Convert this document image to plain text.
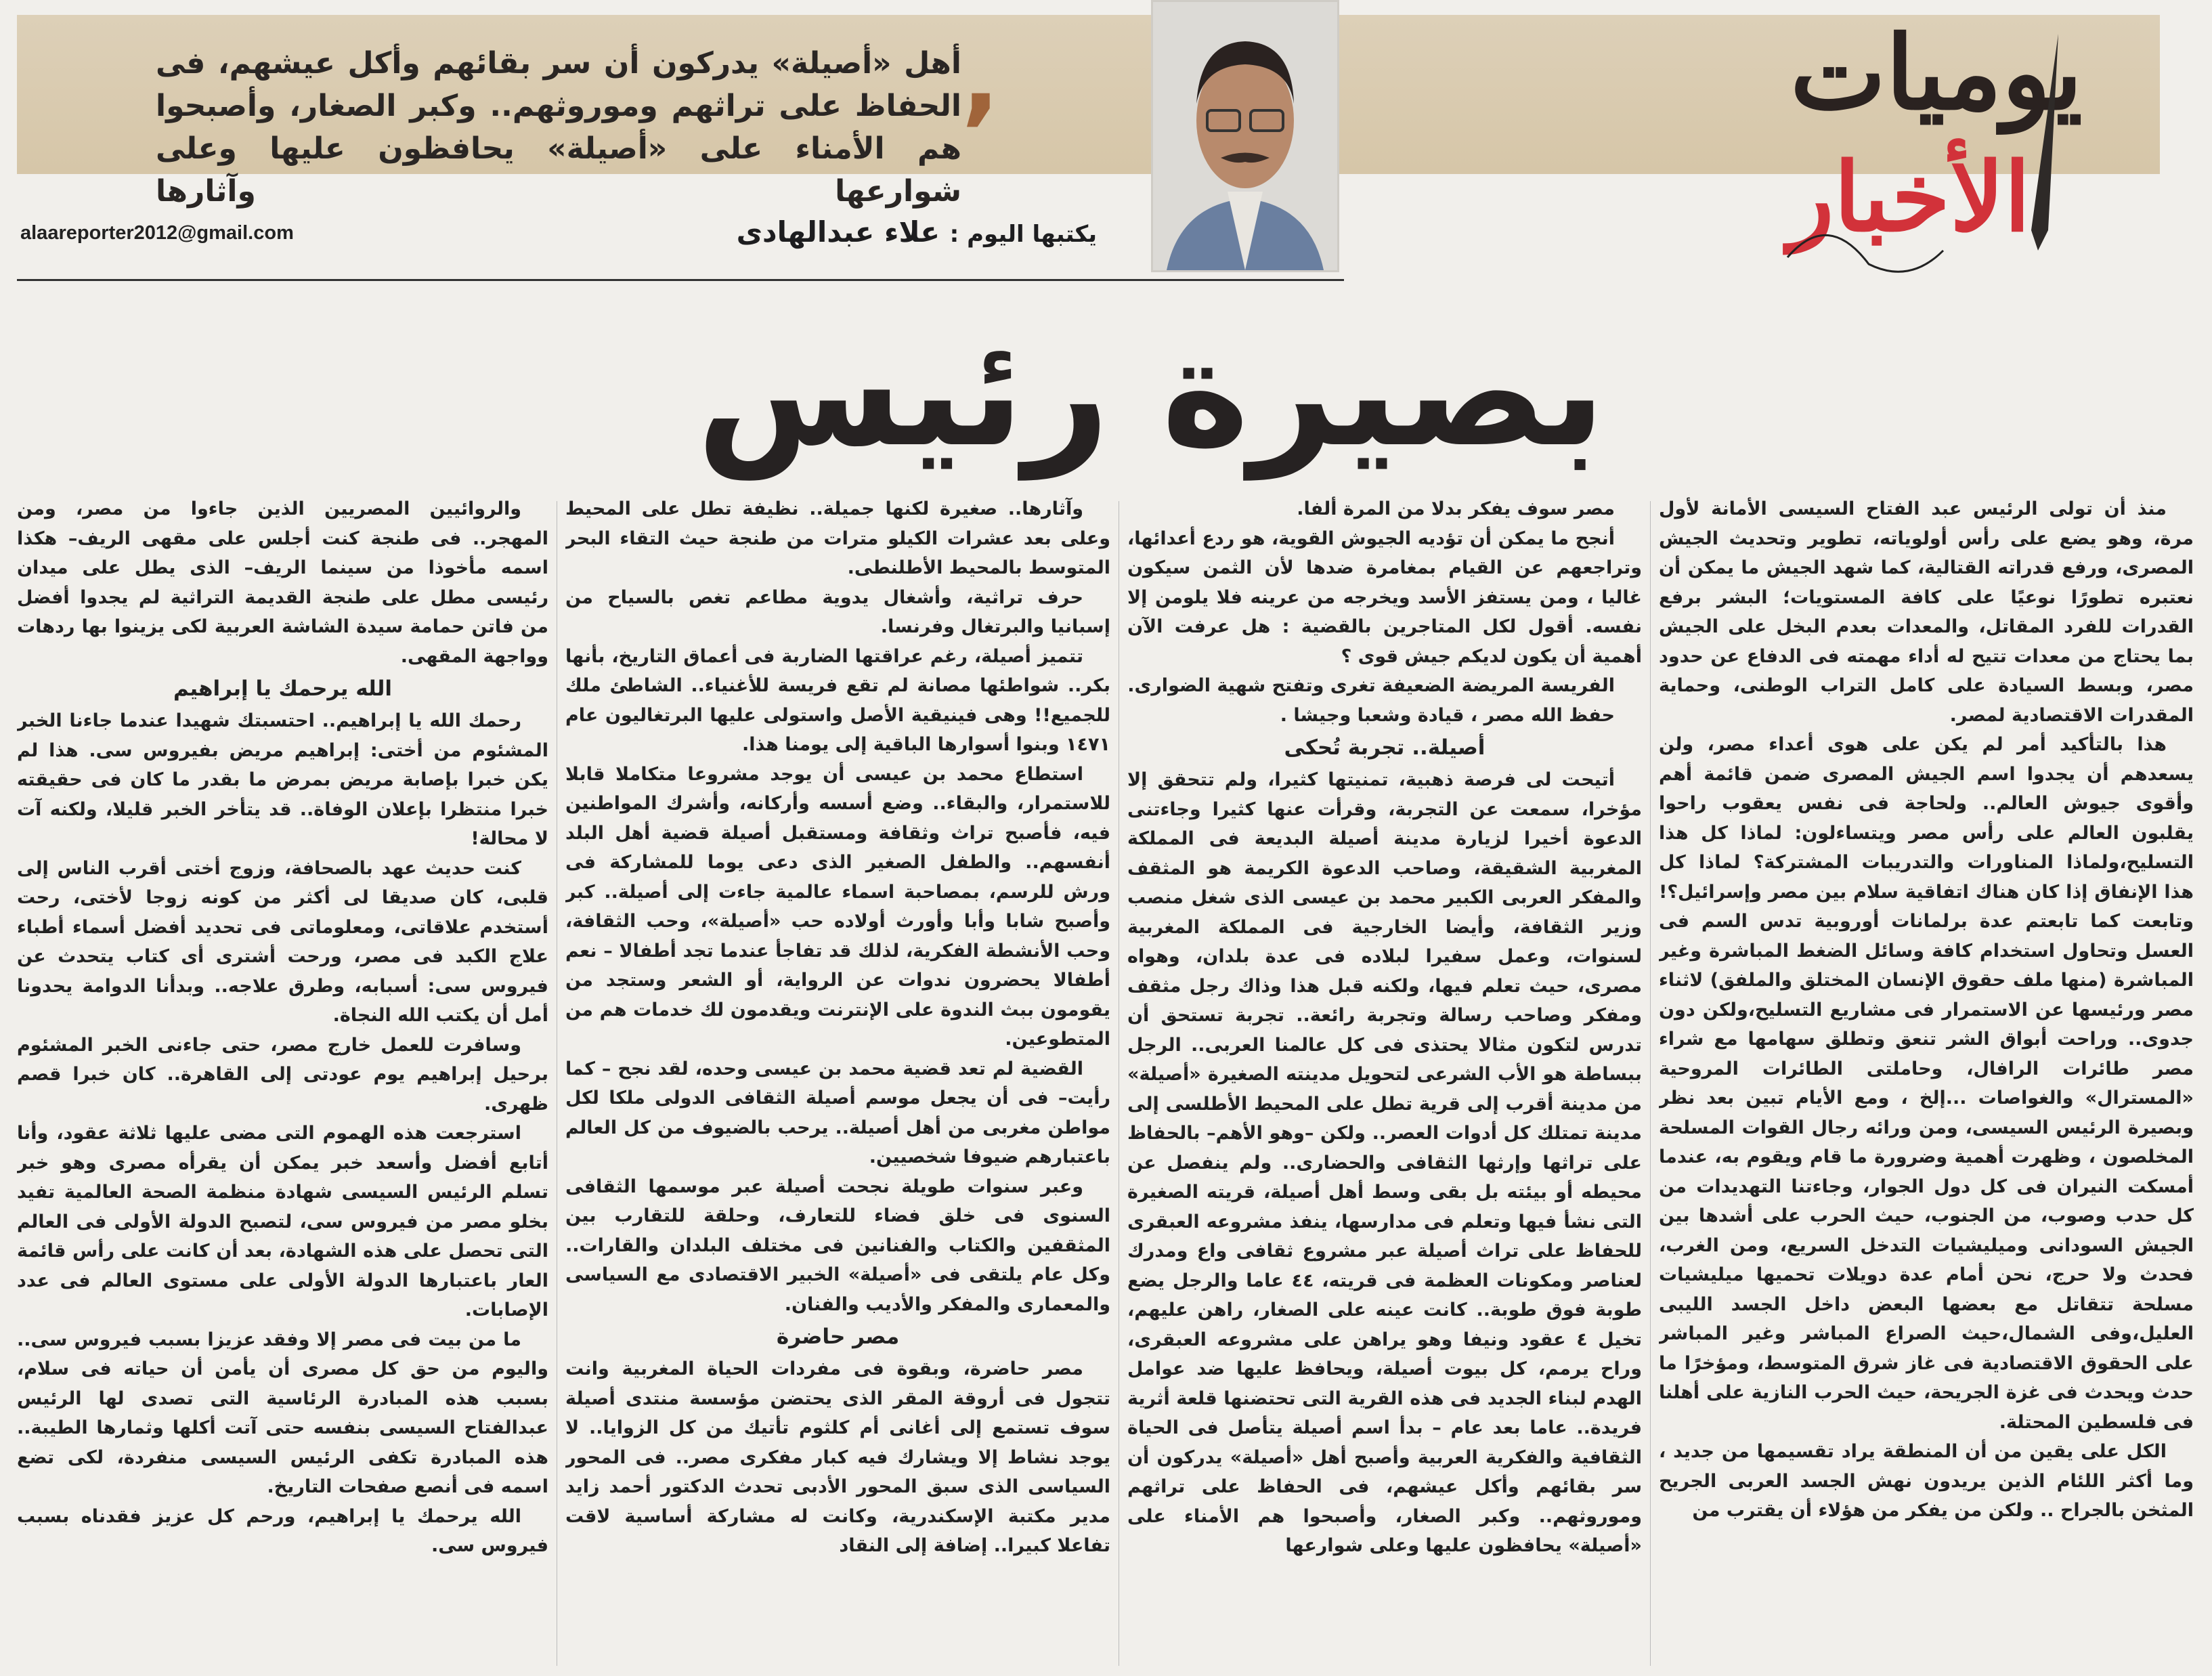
,
أهل «أصيلة» يدركون أن سر بقائهم وأكل عيشهم، فى الحفاظ على تراثهم وموروثهم.. وكبر الصغار، وأصبحوا هم الأمناء على «أصيلة» يحافظون عليها وعلى شوارعها وآثارها
يوميات
الأخبار
alaareporter2012@gmail.com	يكتبها اليوم : علاء عبدالهادى
بصيرة رئيس

منذ أن تولى الرئيس عبد الفتاح السيسى الأمانة لأول مرة، وهو يضع على رأس أولوياته، تطوير وتحديث الجيش المصرى، ورفع قدراته القتالية، كما شهد الجيش ما يمكن أن نعتبره تطورًا نوعيًا على كافة المستويات؛ البشر برفع القدرات للفرد المقاتل، والمعدات بعدم البخل على الجيش بما يحتاج من معدات تتيح له أداء مهمته فى الدفاع عن حدود مصر، وبسط السيادة على كامل التراب الوطنى، وحماية المقدرات الاقتصادية لمصر.

هذا بالتأكيد أمر لم يكن على هوى أعداء مصر، ولن يسعدهم أن يجدوا اسم الجيش المصرى ضمن قائمة أهم وأقوى جيوش العالم.. ولحاجة فى نفس يعقوب راحوا يقلبون العالم على رأس مصر ويتساءلون: لماذا كل هذا التسليح،ولماذا المناورات والتدريبات المشتركة؟ لماذا كل هذا الإنفاق إذا كان هناك اتفاقية سلام بين مصر وإسرائيل؟! وتابعت كما تابعتم عدة برلمانات أوروبية تدس السم فى العسل وتحاول استخدام كافة وسائل الضغط المباشرة وغير المباشرة (منها ملف حقوق الإنسان المختلق والملفق) لاثناء مصر ورئيسها عن الاستمرار فى مشاريع التسليح،ولكن دون جدوى.. وراحت أبواق الشر تنعق وتطلق سهامها مع شراء مصر طائرات الرافال، وحاملتى الطائرات المروحية «المسترال» والغواصات ...إلخ ، ومع الأيام تبين بعد نظر وبصيرة الرئيس السيسى، ومن ورائه رجال القوات المسلحة المخلصون ، وظهرت أهمية وضرورة ما قام ويقوم به، عندما أمسكت النيران فى كل دول الجوار، وجاءتنا التهديدات من كل حدب وصوب، من الجنوب، حيث الحرب على أشدها بين الجيش السودانى وميليشيات التدخل السريع، ومن الغرب، فحدث ولا حرج، نحن أمام عدة دويلات تحميها ميليشيات مسلحة تتقاتل مع بعضها البعض داخل الجسد الليبى العليل،وفى الشمال،حيث الصراع المباشر وغير المباشر على الحقوق الاقتصادية فى غاز شرق المتوسط، ومؤخرًا ما حدث ويحدث فى غزة الجريحة، حيث الحرب النازية على أهلنا فى فلسطين المحتلة.

الكل على يقين من أن المنطقة يراد تقسيمها من جديد ، وما أكثر اللئام الذين يريدون نهش الجسد العربى الجريح المثخن بالجراح .. ولكن من يفكر من هؤلاء أن يقترب من

مصر سوف يفكر بدلا من المرة ألفا.

أنجح ما يمكن أن تؤديه الجيوش القوية، هو ردع أعدائها، وتراجعهم عن القيام بمغامرة ضدها لأن الثمن سيكون غاليا ، ومن يستفز الأسد ويخرجه من عرينه فلا يلومن إلا نفسه. أقول لكل المتاجرين بالقضية : هل عرفت الآن أهمية أن يكون لديكم جيش قوى ؟

الفريسة المريضة الضعيفة تغرى وتفتح شهية الضوارى.

حفظ الله مصر ، قيادة وشعبا وجيشا .

أصيلة.. تجربة تُحكى

أتيحت لى فرصة ذهبية، تمنيتها كثيرا، ولم تتحقق إلا مؤخرا، سمعت عن التجربة، وقرأت عنها كثيرا وجاءتنى الدعوة أخيرا لزيارة مدينة أصيلة البديعة فى المملكة المغربية الشقيقة، وصاحب الدعوة الكريمة هو المثقف والمفكر العربى الكبير محمد بن عيسى الذى شغل منصب وزير الثقافة، وأيضا الخارجية فى المملكة المغربية لسنوات، وعمل سفيرا لبلاده فى عدة بلدان، وهواه مصرى، حيث تعلم فيها، ولكنه قبل هذا وذاك رجل مثقف ومفكر وصاحب رسالة وتجربة رائعة.. تجربة تستحق أن تدرس لتكون مثالا يحتذى فى كل عالمنا العربى.. الرجل ببساطة هو الأب الشرعى لتحويل مدينته الصغيرة «أصيلة» من مدينة أقرب إلى قرية تطل على المحيط الأطلسى إلى مدينة تمتلك كل أدوات العصر.. ولكن –وهو الأهم– بالحفاظ على تراثها وإرثها الثقافى والحضارى.. ولم ينفصل عن محيطه أو بيئته بل بقى وسط أهل أصيلة، قريته الصغيرة التى نشأ فيها وتعلم فى مدارسها، ينفذ مشروعه العبقرى للحفاظ على تراث أصيلة عبر مشروع ثقافى واع ومدرك لعناصر ومكونات العظمة فى قريته، ٤٤ عاما والرجل يضع طوبة فوق طوبة.. كانت عينه على الصغار، راهن عليهم، تخيل ٤ عقود ونيفا وهو يراهن على مشروعه العبقرى، وراح يرمم، كل بيوت أصيلة، ويحافظ عليها ضد عوامل الهدم لبناء الجديد فى هذه القرية التى تحتضنها قلعة أثرية فريدة.. عاما بعد عام – بدأ اسم أصيلة يتأصل فى الحياة الثقافية والفكرية العربية وأصبح أهل «أصيلة» يدركون أن سر بقائهم وأكل عيشهم، فى الحفاظ على تراثهم وموروثهم.. وكبر الصغار، وأصبحوا هم الأمناء على «أصيلة» يحافظون عليها وعلى شوارعها

وآثارها.. صغيرة لكنها جميلة.. نظيفة تطل على المحيط وعلى بعد عشرات الكيلو مترات من طنجة حيث التقاء البحر المتوسط بالمحيط الأطلنطى.

حرف تراثية، وأشغال يدوية مطاعم تغص بالسياح من إسبانيا والبرتغال وفرنسا.

تتميز أصيلة، رغم عراقتها الضاربة فى أعماق التاريخ، بأنها بكر.. شواطئها مصانة لم تقع فريسة للأغنياء.. الشاطئ ملك للجميع!! وهى فينيقية الأصل واستولى عليها البرتغاليون عام ١٤٧١ وبنوا أسوارها الباقية إلى يومنا هذا.

استطاع محمد بن عيسى أن يوجد مشروعا متكاملا قابلا للاستمرار، والبقاء.. وضع أسسه وأركانه، وأشرك المواطنين فيه، فأصبح تراث وثقافة ومستقبل أصيلة قضية أهل البلد أنفسهم.. والطفل الصغير الذى دعى يوما للمشاركة فى ورش للرسم، بمصاحبة اسماء عالمية جاءت إلى أصيلة.. كبر وأصبح شابا وأبا وأورث أولاده حب «أصيلة»، وحب الثقافة، وحب الأنشطة الفكرية، لذلك قد تفاجأ عندما تجد أطفالا – نعم أطفالا يحضرون ندوات عن الرواية، أو الشعر وستجد من يقومون ببث الندوة على الإنترنت ويقدمون لك خدمات هم من المتطوعين.

القضية لم تعد قضية محمد بن عيسى وحده، لقد نجح – كما رأيت– فى أن يجعل موسم أصيلة الثقافى الدولى ملكا لكل مواطن مغربى من أهل أصيلة.. يرحب بالضيوف من كل العالم باعتبارهم ضيوفا شخصيين.

وعبر سنوات طويلة نجحت أصيلة عبر موسمها الثقافى السنوى فى خلق فضاء للتعارف، وحلقة للتقارب بين المثقفين والكتاب والفنانين فى مختلف البلدان والقارات.. وكل عام يلتقى فى «أصيلة» الخبير الاقتصادى مع السياسى والمعمارى والمفكر والأديب والفنان.

مصر حاضرة

مصر حاضرة، وبقوة فى مفردات الحياة المغربية وانت تتجول فى أروقة المقر الذى يحتضن مؤسسة منتدى أصيلة سوف تستمع إلى أغانى أم كلثوم تأتيك من كل الزوايا.. لا يوجد نشاط إلا ويشارك فيه كبار مفكرى مصر.. فى المحور السياسى الذى سبق المحور الأدبى تحدث الدكتور أحمد زايد مدير مكتبة الإسكندرية، وكانت له مشاركة أساسية لاقت تفاعلا كبيرا.. إضافة إلى النقاد

والروائيين المصريين الذين جاءوا من مصر، ومن المهجر.. فى طنجة كنت أجلس على مقهى الريف– هكذا اسمه مأخوذا من سينما الريف– الذى يطل على ميدان رئيسى مطل على طنجة القديمة التراثية لم يجدوا أفضل من فاتن حمامة سيدة الشاشة العربية لكى يزينوا بها ردهات وواجهة المقهى.

الله يرحمك يا إبراهيم

رحمك الله يا إبراهيم.. احتسبتك شهيدا عندما جاءنا الخبر المشئوم من أختى: إبراهيم مريض بفيروس سى. هذا لم يكن خبرا بإصابة مريض بمرض ما بقدر ما كان فى حقيقته خبرا منتظرا بإعلان الوفاة.. قد يتأخر الخبر قليلا، ولكنه آت لا محالة!

كنت حديث عهد بالصحافة، وزوج أختى أقرب الناس إلى قلبى، كان صديقا لى أكثر من كونه زوجا لأختى، رحت أستخدم علاقاتى، ومعلوماتى فى تحديد أفضل أسماء أطباء علاج الكبد فى مصر، ورحت أشترى أى كتاب يتحدث عن فيروس سى: أسبابه، وطرق علاجه.. وبدأنا الدوامة يحدونا أمل أن يكتب الله النجاة.

وسافرت للعمل خارج مصر، حتى جاءنى الخبر المشئوم برحيل إبراهيم يوم عودتى إلى القاهرة.. كان خبرا قصم ظهرى.

استرجعت هذه الهموم التى مضى عليها ثلاثة عقود، وأنا أتابع أفضل وأسعد خبر يمكن أن يقرأه مصرى وهو خبر تسلم الرئيس السيسى شهادة منظمة الصحة العالمية تفيد بخلو مصر من فيروس سى، لتصبح الدولة الأولى فى العالم التى تحصل على هذه الشهادة، بعد أن كانت على رأس قائمة العار باعتبارها الدولة الأولى على مستوى العالم فى عدد الإصابات.

ما من بيت فى مصر إلا وفقد عزيزا بسبب فيروس سى.. واليوم من حق كل مصرى أن يأمن أن حياته فى سلام، بسبب هذه المبادرة الرئاسية التى تصدى لها الرئيس عبدالفتاح السيسى بنفسه حتى آتت أكلها وثمارها الطيبة.. هذه المبادرة تكفى الرئيس السيسى منفردة، لكى تضع اسمه فى أنصع صفحات التاريخ.

الله يرحمك يا إبراهيم، ورحم كل عزيز فقدناه بسبب فيروس سى.
